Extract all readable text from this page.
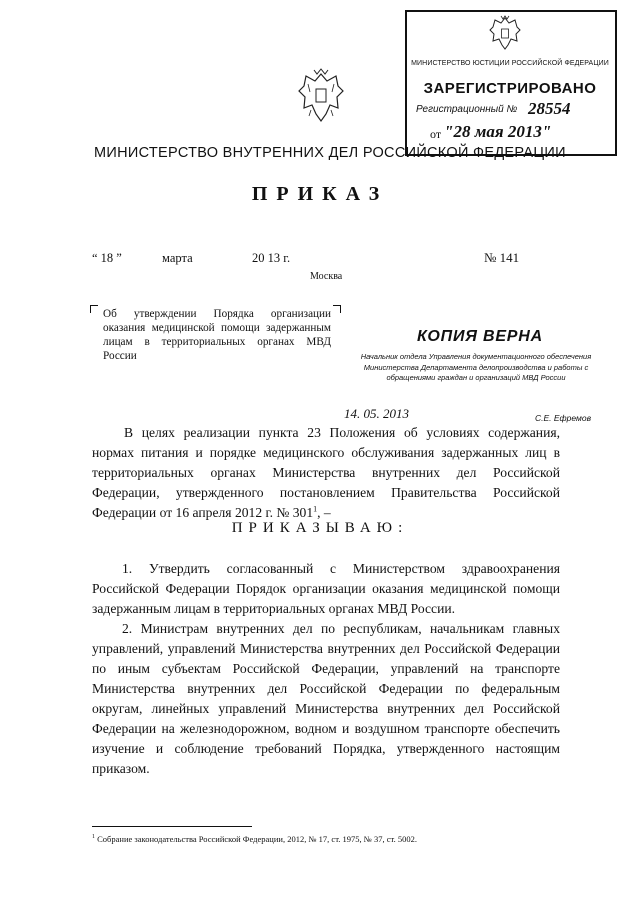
МИНИСТЕРСТВО ЮСТИЦИИ РОССИЙСКОЙ ФЕДЕРАЦИИ
ЗАРЕГИСТРИРОВАНО
Регистрационный № 28554
от "28 мая 2013"
МИНИСТЕРСТВО ВНУТРЕННИХ ДЕЛ РОССИЙСКОЙ ФЕДЕРАЦИИ
ПРИКАЗ
“ 18 ”	марта	20 13 г.	№ 141
Москва
Об утверждении Порядка организации оказания медицинской помощи задержанным лицам в территориальных органах МВД России
КОПИЯ ВЕРНА
Начальник отдела Управления документационного обеспечения Министерства Департамента делопроизводства и работы с обращениями граждан и организаций МВД России
14. 05. 2013	С.Е. Ефремов
В целях реализации пункта 23 Положения об условиях содержания, нормах питания и порядке медицинского обслуживания задержанных лиц в территориальных органах Министерства внутренних дел Российской Федерации, утвержденного постановлением Правительства Российской Федерации от 16 апреля 2012 г. № $301^1$, –
ПРИКАЗЫВАЮ:
1. Утвердить согласованный с Министерством здравоохранения Российской Федерации Порядок организации оказания медицинской помощи задержанным лицам в территориальных органах МВД России.
2. Министрам внутренних дел по республикам, начальникам главных управлений, управлений Министерства внутренних дел Российской Федерации по иным субъектам Российской Федерации, управлений на транспорте Министерства внутренних дел Российской Федерации по федеральным округам, линейных управлений Министерства внутренних дел Российской Федерации на железнодорожном, водном и воздушном транспорте обеспечить изучение и соблюдение требований Порядка, утвержденного настоящим приказом.
$^1$ Собрание законодательства Российской Федерации, 2012, № 17, ст. 1975, № 37, ст. 5002.
